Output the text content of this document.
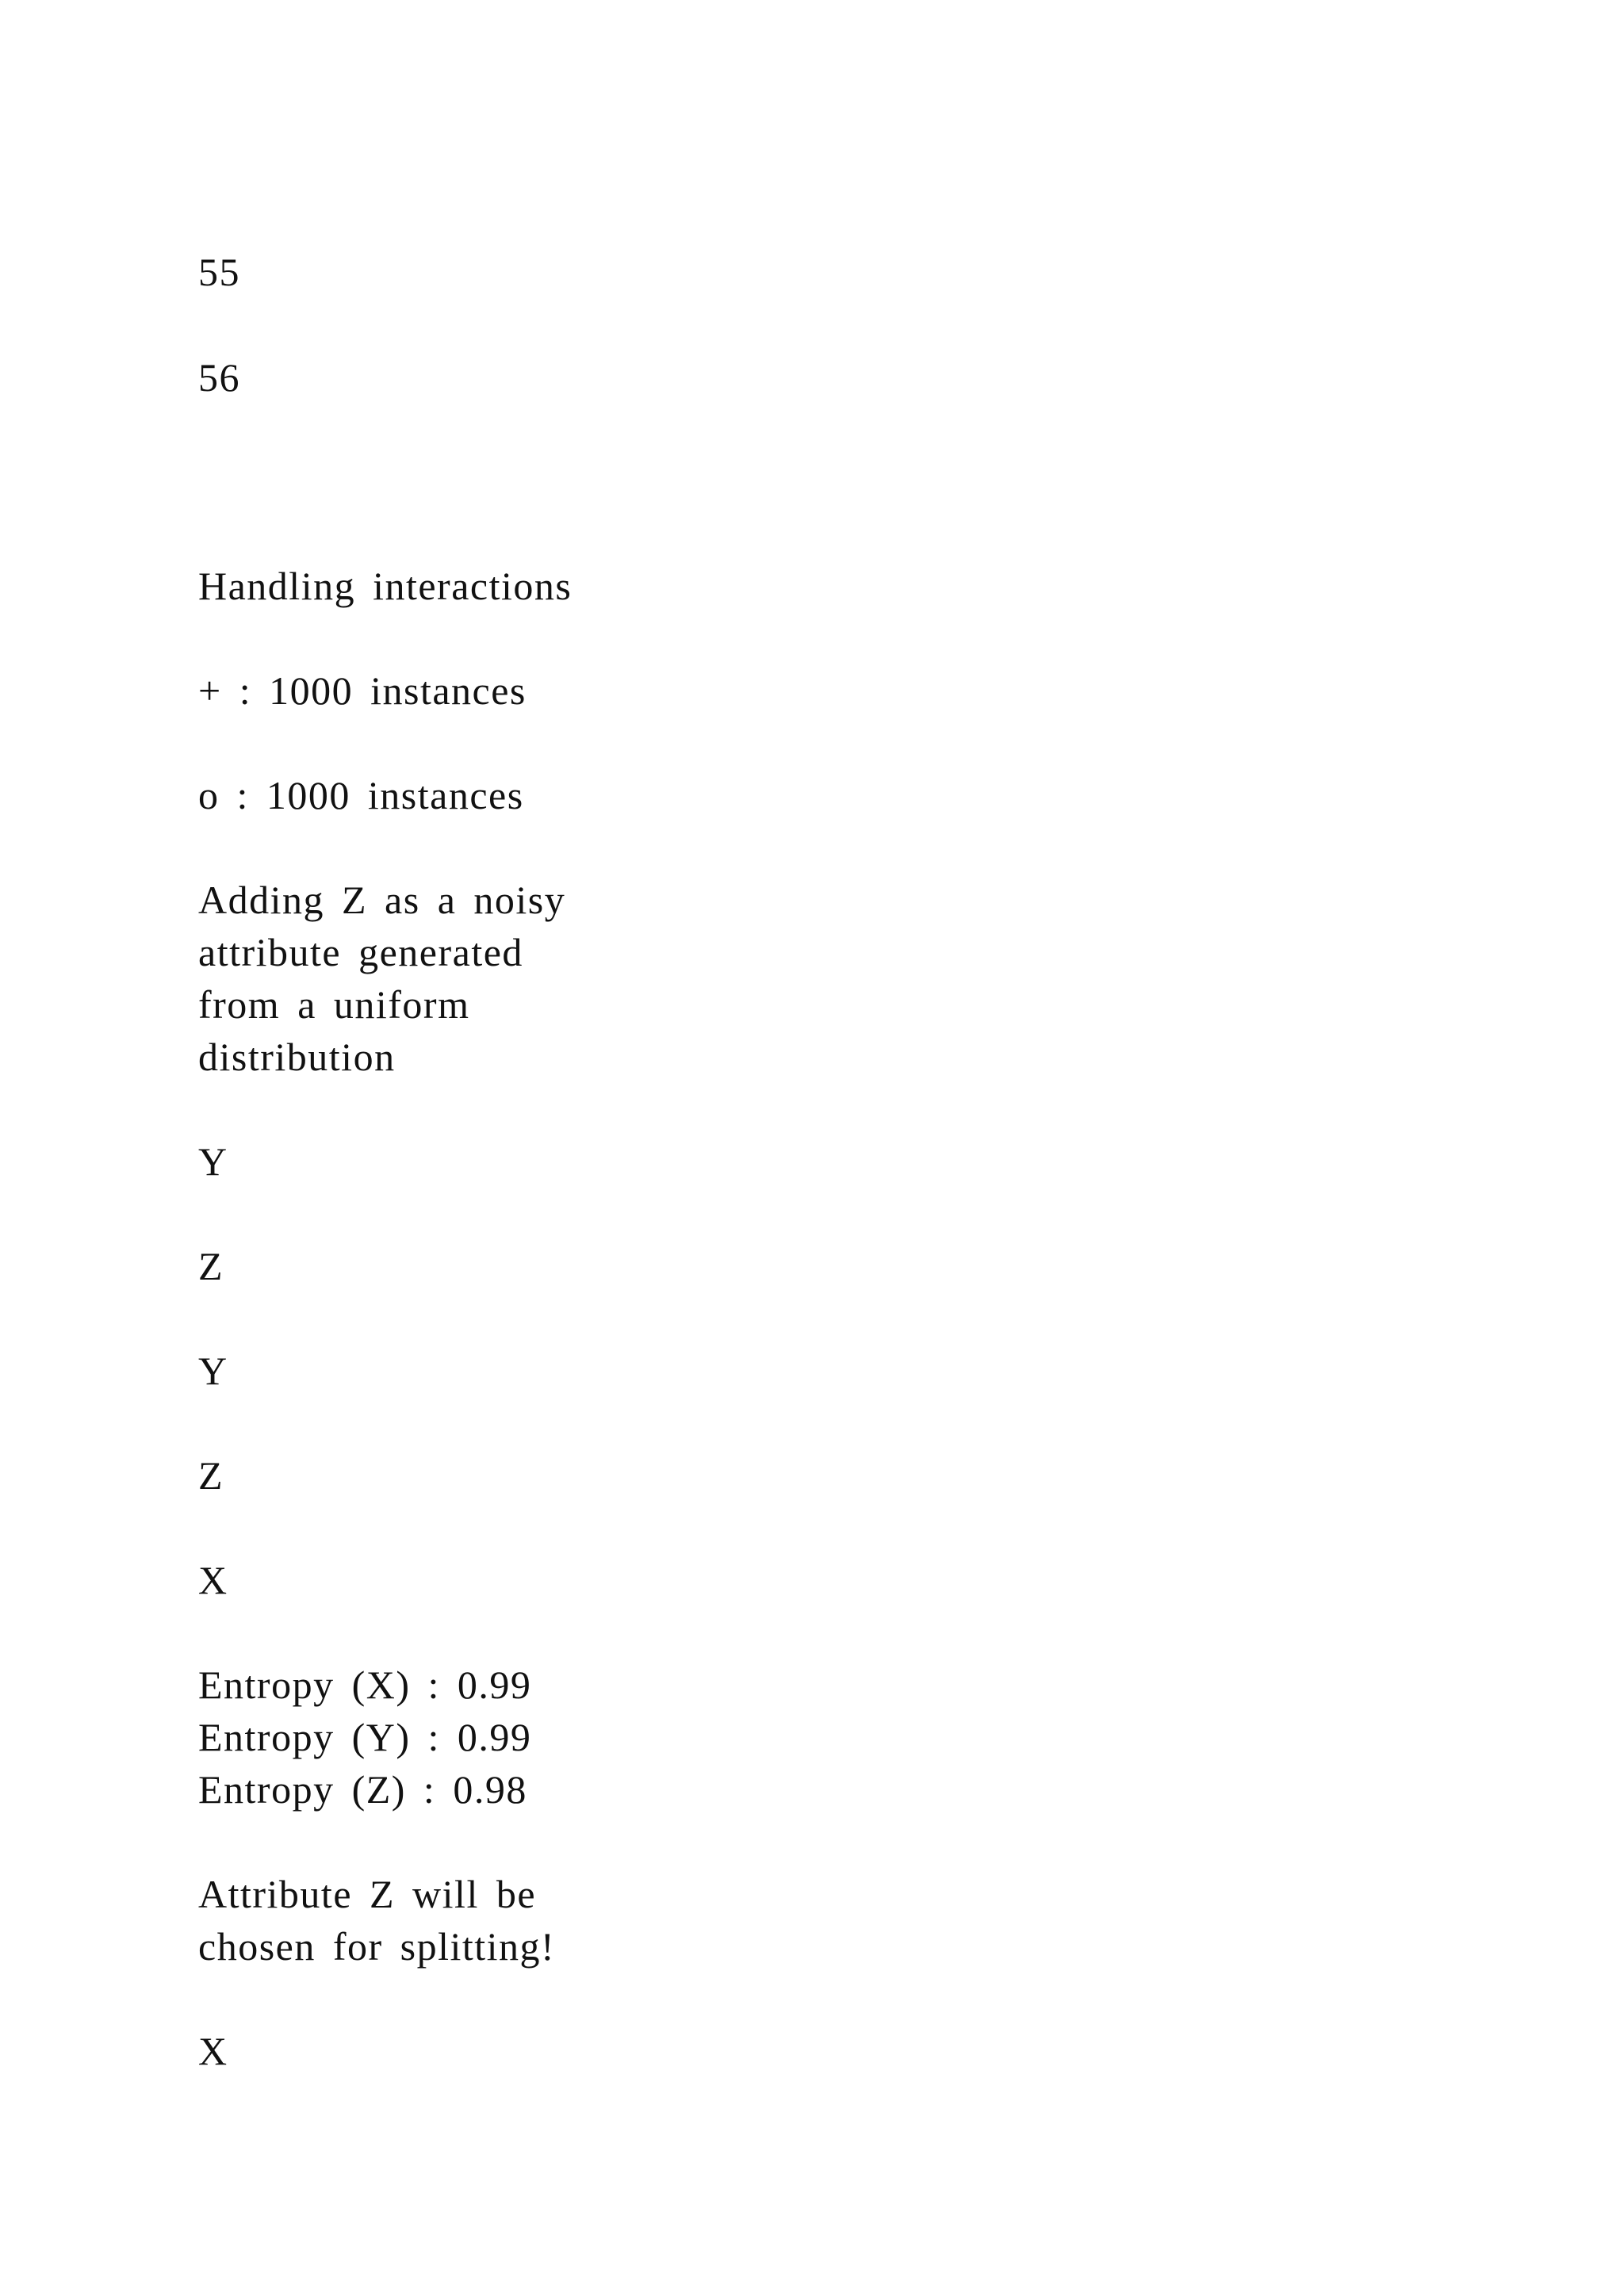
55

56

Handling interactions

+ : 1000 instances

o : 1000 instances

Adding Z as a noisy

attribute generated

from a uniform

distribution

Y

Z

Y

Z

X

Entropy (X) : 0.99

Entropy (Y) : 0.99

Entropy (Z) : 0.98

Attribute Z will be

chosen for splitting!

X
